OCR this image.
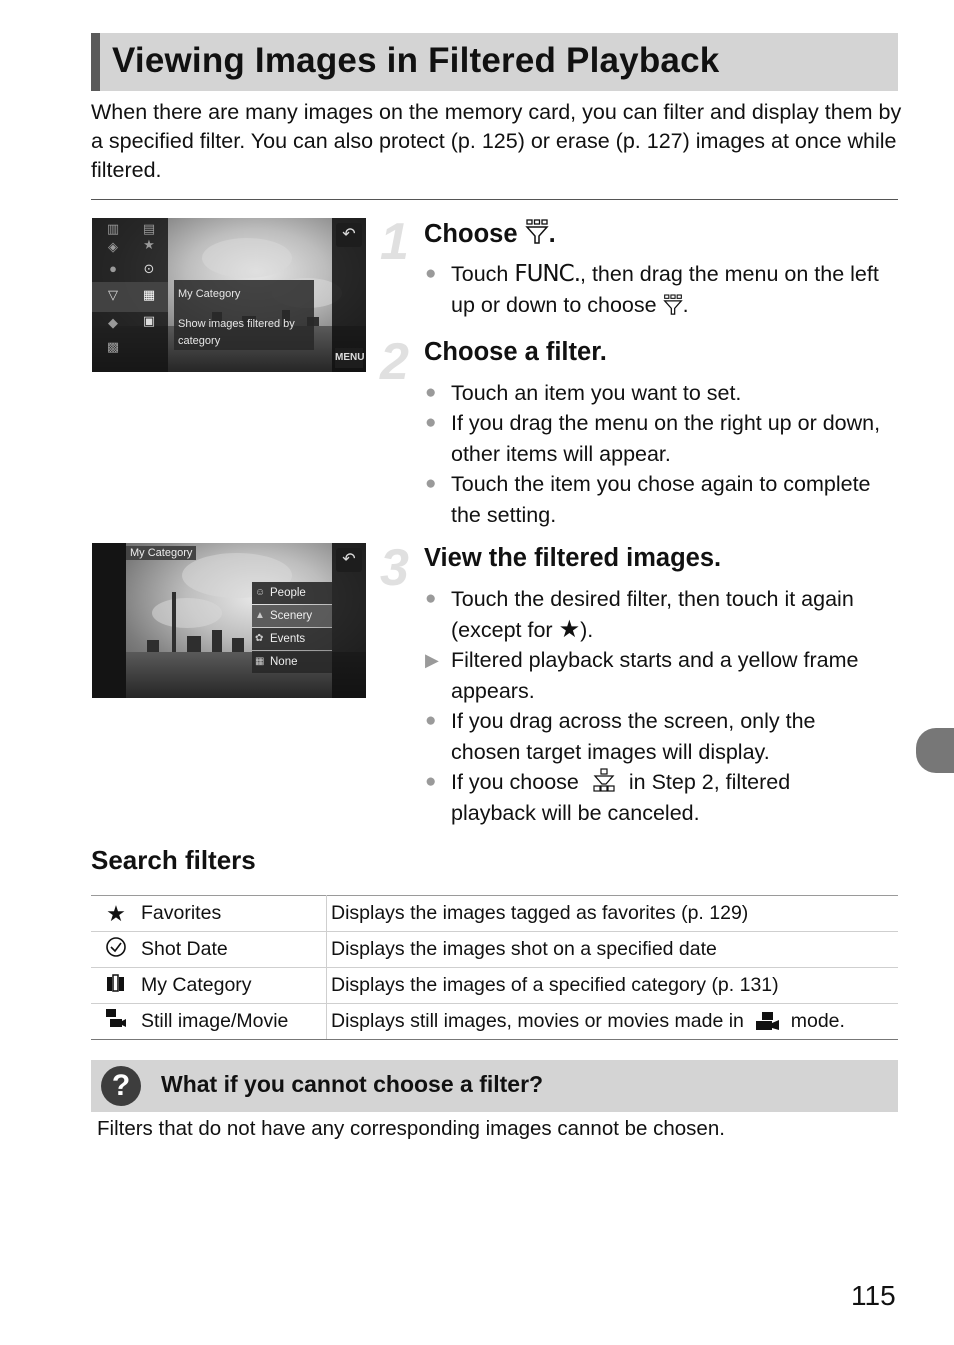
Viewing Images in Filtered Playback
When there are many images on the memory card, you can filter and display them by a specified filter. You can also protect (p. 125) or erase (p. 127) images at once while filtered.
▥ ▤
◈	★
●	⊙
▽	▦
▣
◆
▩
My Category
Show images filtered by category
↶
MENU
My Category	↶
☺ People
▲ Scenery
✿ Events
▦ None
1 Choose .
● Touch FUNC., then drag the menu on the left up or down to choose .
2 Choose a filter.
● Touch an item you want to set.
● If you drag the menu on the right up or down, other items will appear.
● Touch the item you chose again to complete the setting.
3 View the filtered images.
● Touch the desired filter, then touch it again (except for ★).
▶ Filtered playback starts and a yellow frame appears.
● If you drag across the screen, only the chosen target images will display.
● If you choose in Step 2, filtered playback will be canceled.
Search filters
★	Favorites	Displays the images tagged as favorites (p. 129)
	Shot Date	Displays the images shot on a specified date
	My Category	Displays the images of a specified category (p. 131)
	Still image/Movie	Displays still images, movies or movies made in mode.
?	What if you cannot choose a filter?
Filters that do not have any corresponding images cannot be chosen.
115
